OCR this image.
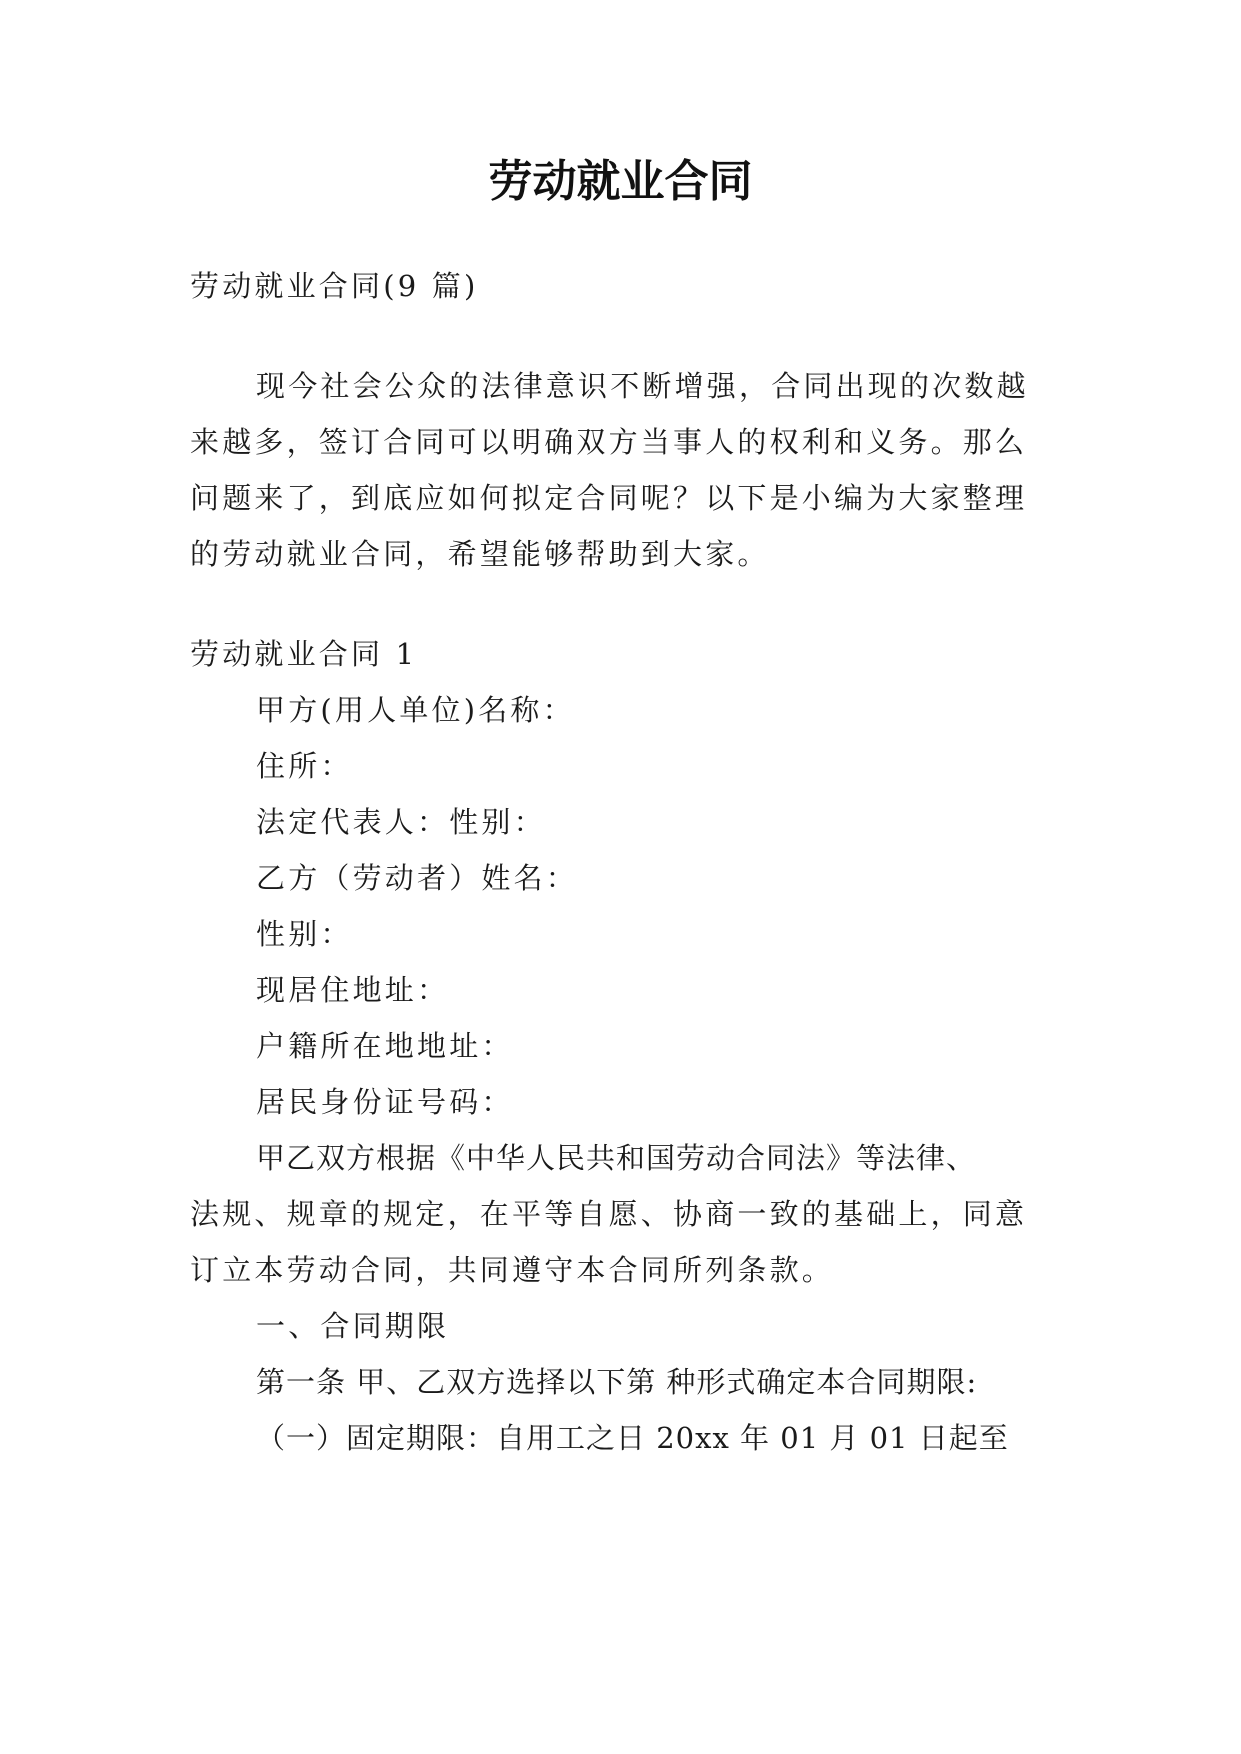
劳动就业合同
劳动就业合同(9 篇)
现今社会公众的法律意识不断增强，合同出现的次数越
来越多，签订合同可以明确双方当事人的权利和义务。那么
问题来了，到底应如何拟定合同呢？以下是小编为大家整理
的劳动就业合同，希望能够帮助到大家。
劳动就业合同 1
甲方(用人单位)名称：
住所：
法定代表人：性别：
乙方（劳动者）姓名：
性别：
现居住地址：
户籍所在地地址：
居民身份证号码：
甲乙双方根据《中华人民共和国劳动合同法》等法律、
法规、规章的规定，在平等自愿、协商一致的基础上，同意
订立本劳动合同，共同遵守本合同所列条款。
一、合同期限
第一条 甲、乙双方选择以下第 种形式确定本合同期限:
（一）固定期限：自用工之日 20xx 年 01 月 01 日起至
